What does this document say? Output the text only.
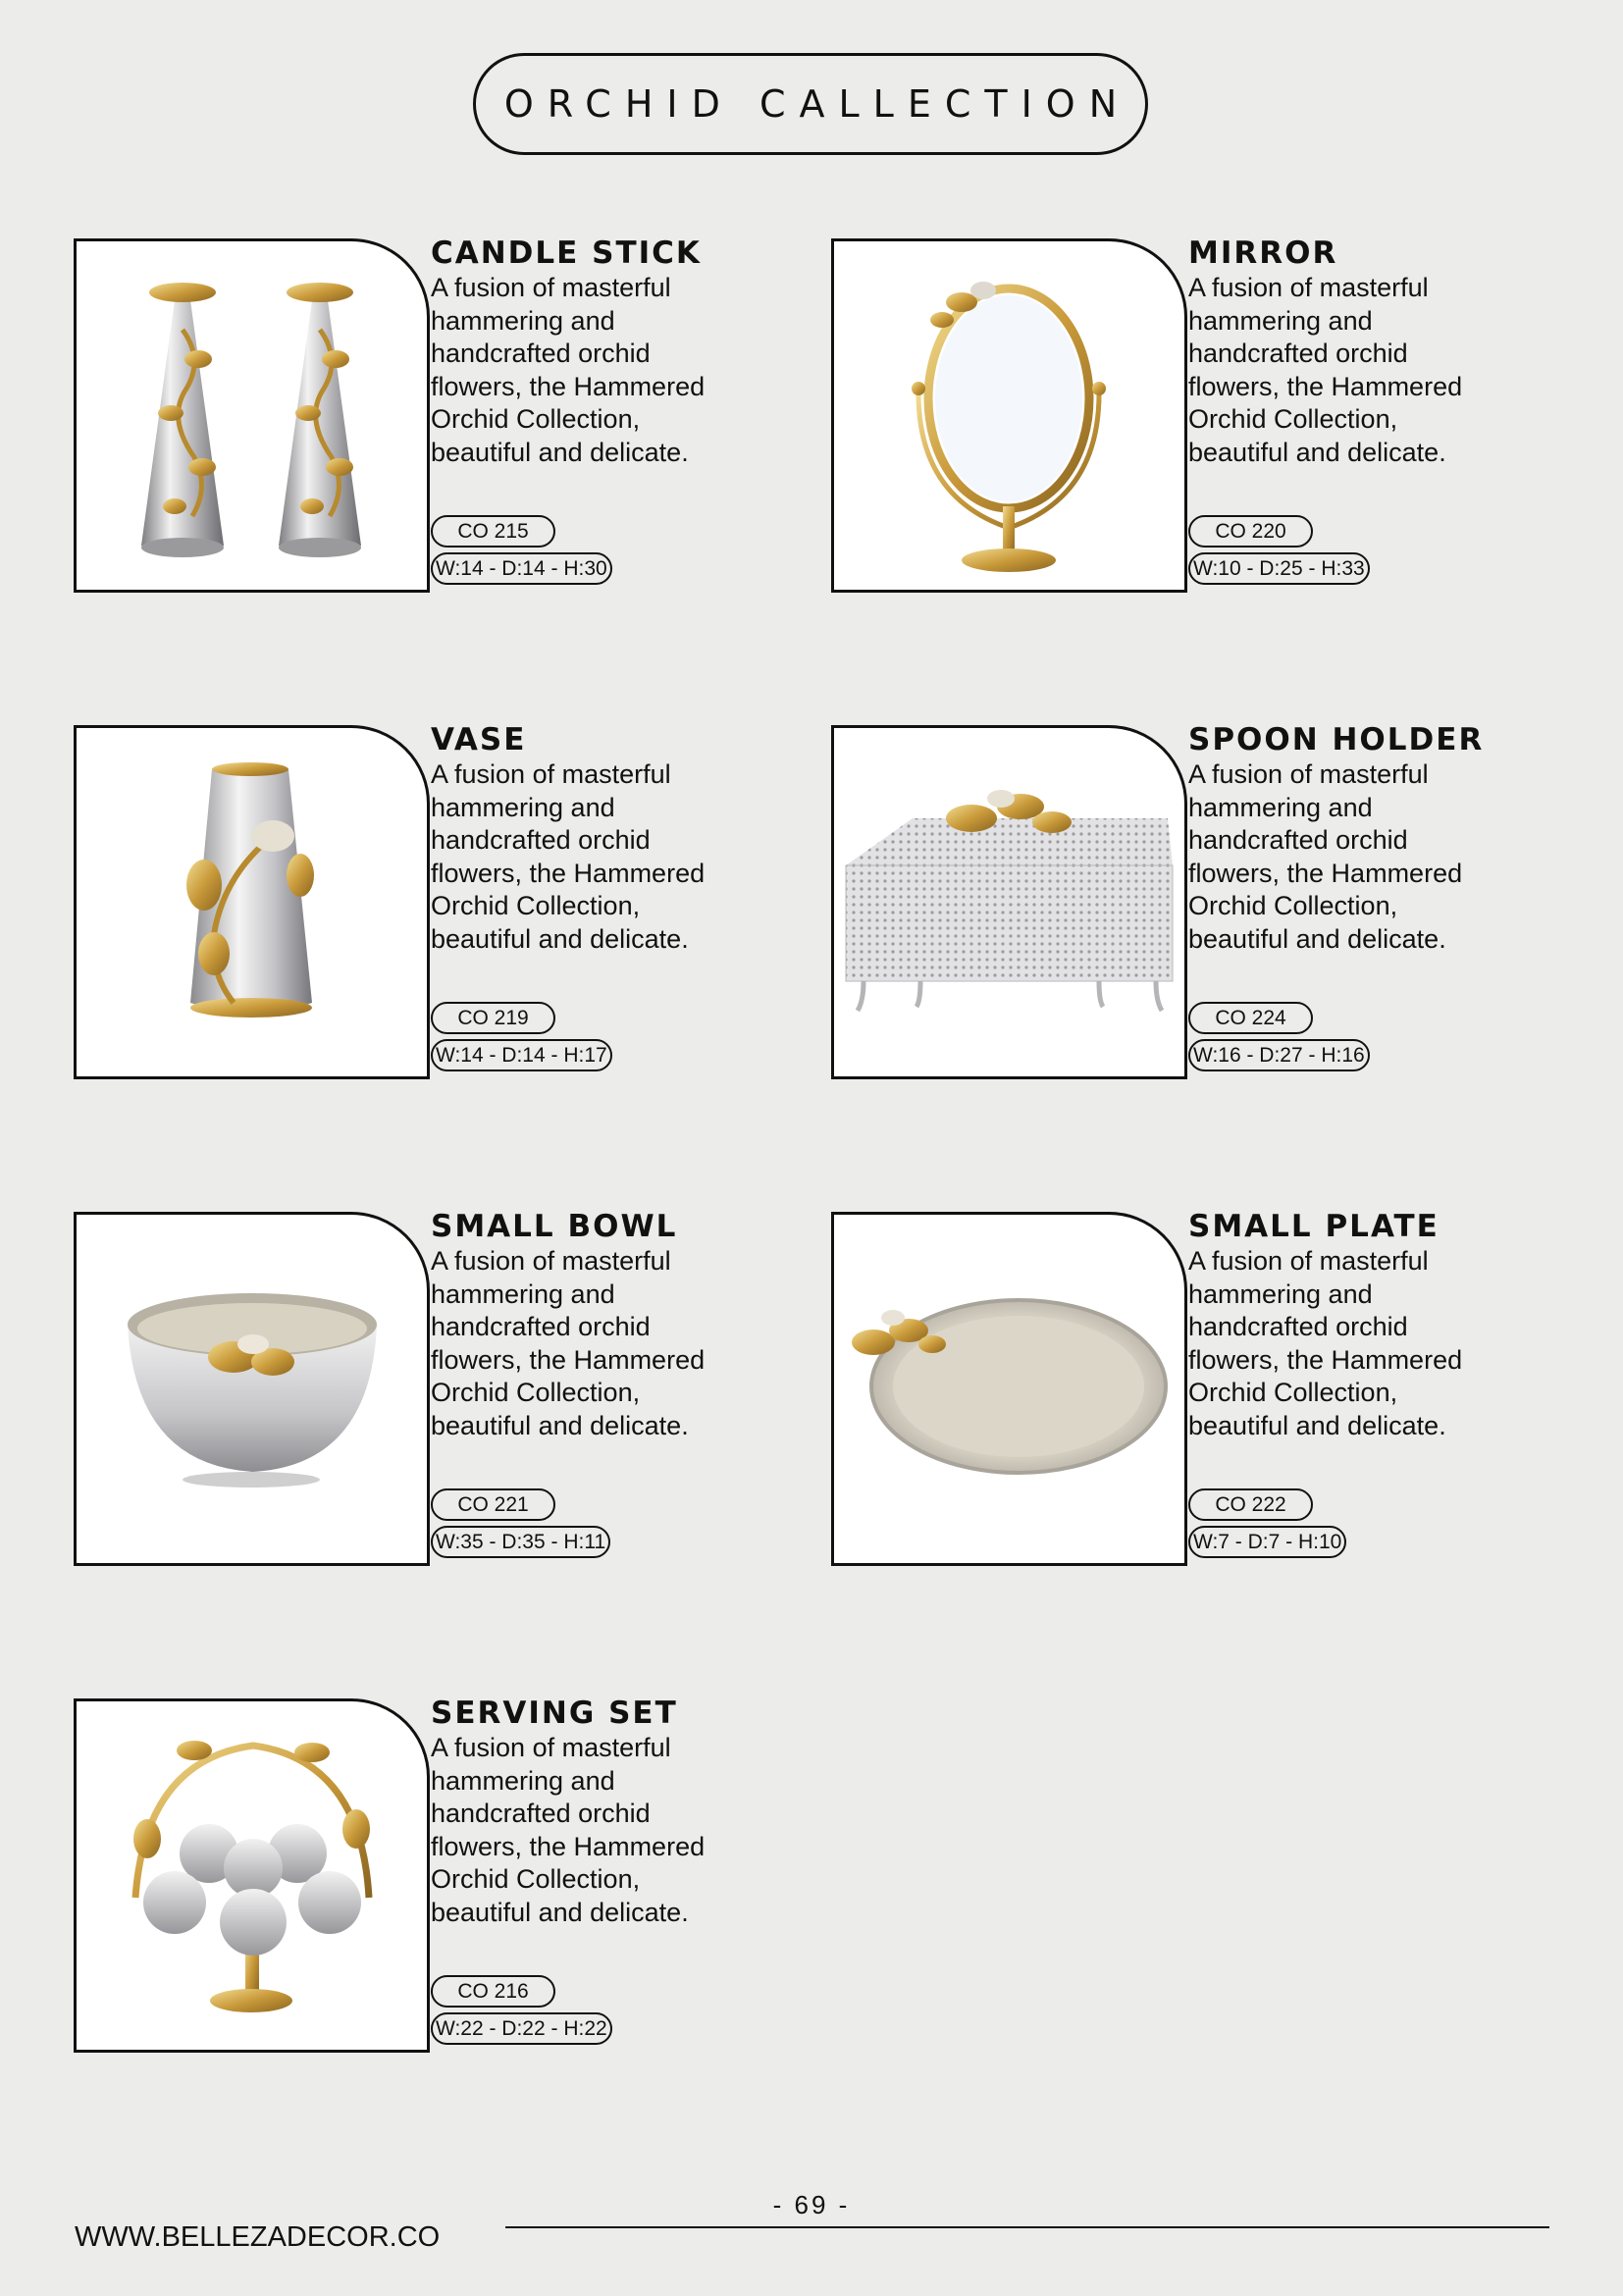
ORCHID CALLECTION

CANDLE STICK

A fusion of masterful
hammering and
handcrafted orchid
flowers, the Hammered
Orchid Collection,
beautiful and delicate.

CO 215
W:14 - D:14 - H:30

MIRROR

A fusion of masterful
hammering and
handcrafted orchid
flowers, the Hammered
Orchid Collection,
beautiful and delicate.

CO 220
W:10 - D:25 - H:33

VASE

A fusion of masterful
hammering and
handcrafted orchid
flowers, the Hammered
Orchid Collection,
beautiful and delicate.

CO 219
W:14 - D:14 - H:17

SPOON HOLDER

A fusion of masterful
hammering and
handcrafted orchid
flowers, the Hammered
Orchid Collection,
beautiful and delicate.

CO 224
W:16 - D:27 - H:16

SMALL BOWL

A fusion of masterful
hammering and
handcrafted orchid
flowers, the Hammered
Orchid Collection,
beautiful and delicate.

CO 221
W:35 - D:35 - H:11

SMALL PLATE

A fusion of masterful
hammering and
handcrafted orchid
flowers, the Hammered
Orchid Collection,
beautiful and delicate.

CO 222
W:7 - D:7 - H:10

SERVING SET

A fusion of masterful
hammering and
handcrafted orchid
flowers, the Hammered
Orchid Collection,
beautiful and delicate.

CO 216
W:22 - D:22 - H:22
- 69 -
WWW.BELLEZADECOR.CO
